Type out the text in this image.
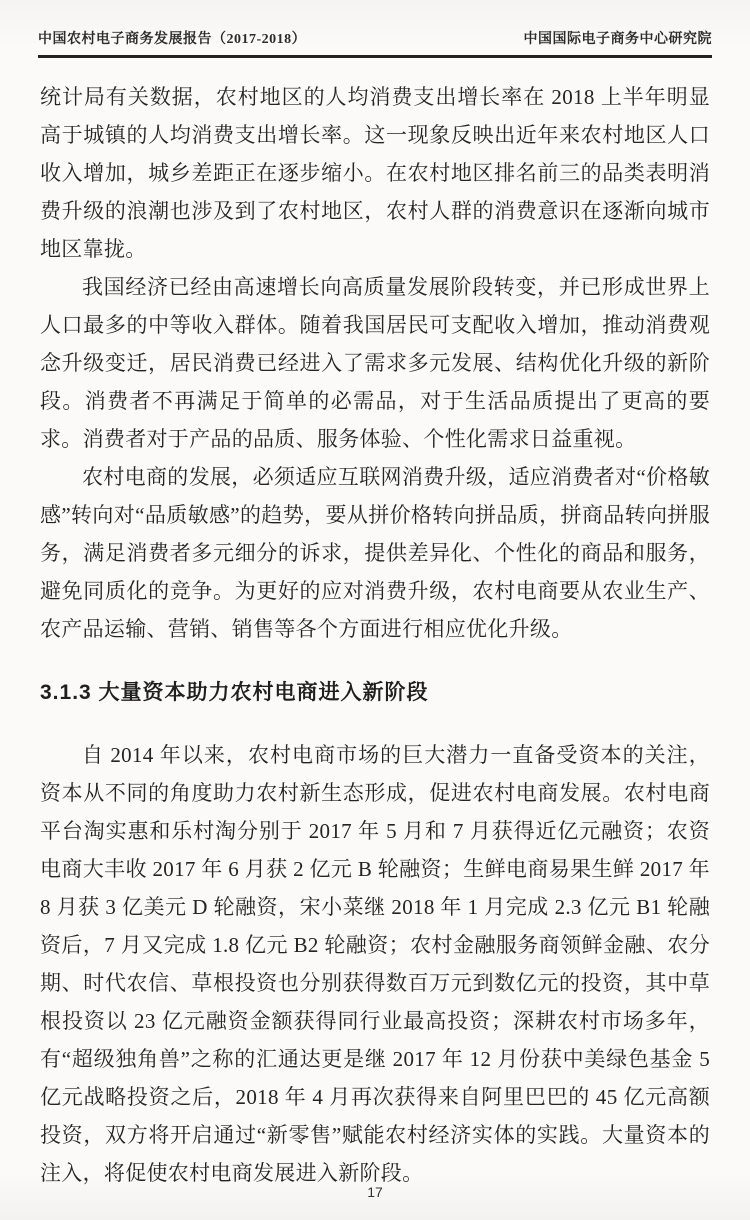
中国农村电子商务发展报告（2017-2018）	中国国际电子商务中心研究院

统计局有关数据，农村地区的人均消费支出增长率在 2018 上半年明显高于城镇的人均消费支出增长率。这一现象反映出近年来农村地区人口收入增加，城乡差距正在逐步缩小。在农村地区排名前三的品类表明消费升级的浪潮也涉及到了农村地区，农村人群的消费意识在逐渐向城市地区靠拢。

我国经济已经由高速增长向高质量发展阶段转变，并已形成世界上人口最多的中等收入群体。随着我国居民可支配收入增加，推动消费观念升级变迁，居民消费已经进入了需求多元发展、结构优化升级的新阶段。消费者不再满足于简单的必需品，对于生活品质提出了更高的要求。消费者对于产品的品质、服务体验、个性化需求日益重视。

农村电商的发展，必须适应互联网消费升级，适应消费者对“价格敏感”转向对“品质敏感”的趋势，要从拼价格转向拼品质，拼商品转向拼服务，满足消费者多元细分的诉求，提供差异化、个性化的商品和服务，避免同质化的竞争。为更好的应对消费升级，农村电商要从农业生产、农产品运输、营销、销售等各个方面进行相应优化升级。

3.1.3 大量资本助力农村电商进入新阶段

自 2014 年以来，农村电商市场的巨大潜力一直备受资本的关注，资本从不同的角度助力农村新生态形成，促进农村电商发展。农村电商平台淘实惠和乐村淘分别于 2017 年 5 月和 7 月获得近亿元融资；农资电商大丰收 2017 年 6 月获 2 亿元 B 轮融资；生鲜电商易果生鲜 2017 年 8 月获 3 亿美元 D 轮融资，宋小菜继 2018 年 1 月完成 2.3 亿元 B1 轮融资后，7 月又完成 1.8 亿元 B2 轮融资；农村金融服务商领鲜金融、农分期、时代农信、草根投资也分别获得数百万元到数亿元的投资，其中草根投资以 23 亿元融资金额获得同行业最高投资；深耕农村市场多年，有“超级独角兽”之称的汇通达更是继 2017 年 12 月份获中美绿色基金 5 亿元战略投资之后，2018 年 4 月再次获得来自阿里巴巴的 45 亿元高额投资，双方将开启通过“新零售”赋能农村经济实体的实践。大量资本的注入，将促使农村电商发展进入新阶段。

17
